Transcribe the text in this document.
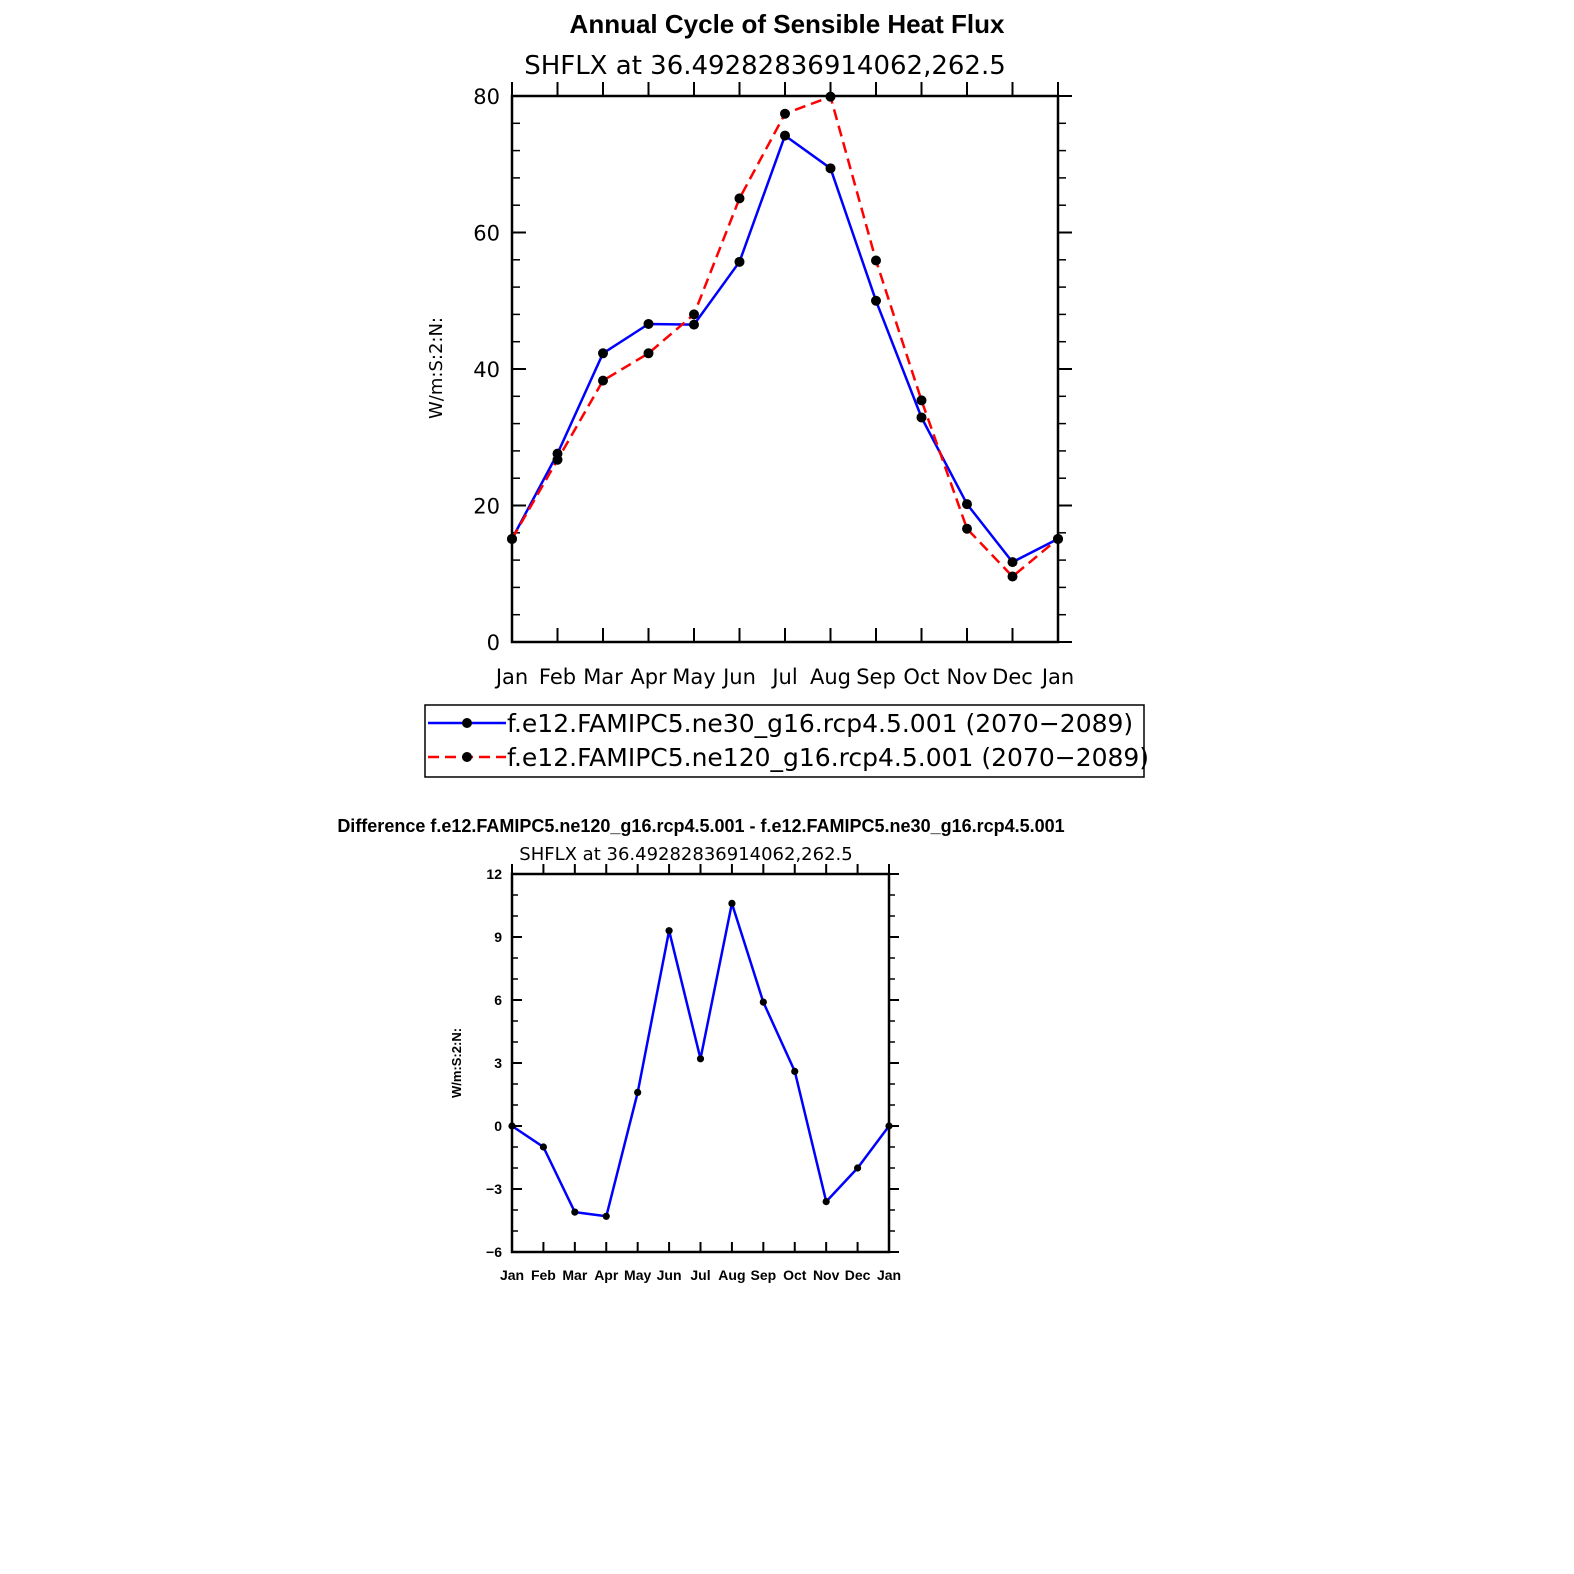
Annual Cycle of Sensible Heat Flux
SHFLX at 36.49282836914062,262.5
W/m:S:2:N:
Jan Feb Mar Apr May Jun Jul Aug Sep Oct Nov Dec Jan
0
20
40
60
80
f.e12.FAMIPC5.ne30_g16.rcp4.5.001 (2070−2089)
f.e12.FAMIPC5.ne120_g16.rcp4.5.001 (2070−2089)
Difference f.e12.FAMIPC5.ne120_g16.rcp4.5.001 - f.e12.FAMIPC5.ne30_g16.rcp4.5.001
SHFLX at 36.49282836914062,262.5
W/m:S:2:N:
Jan Feb Mar Apr May Jun Jul Aug Sep Oct Nov Dec Jan
−6
−3
0
3
6
9
12
